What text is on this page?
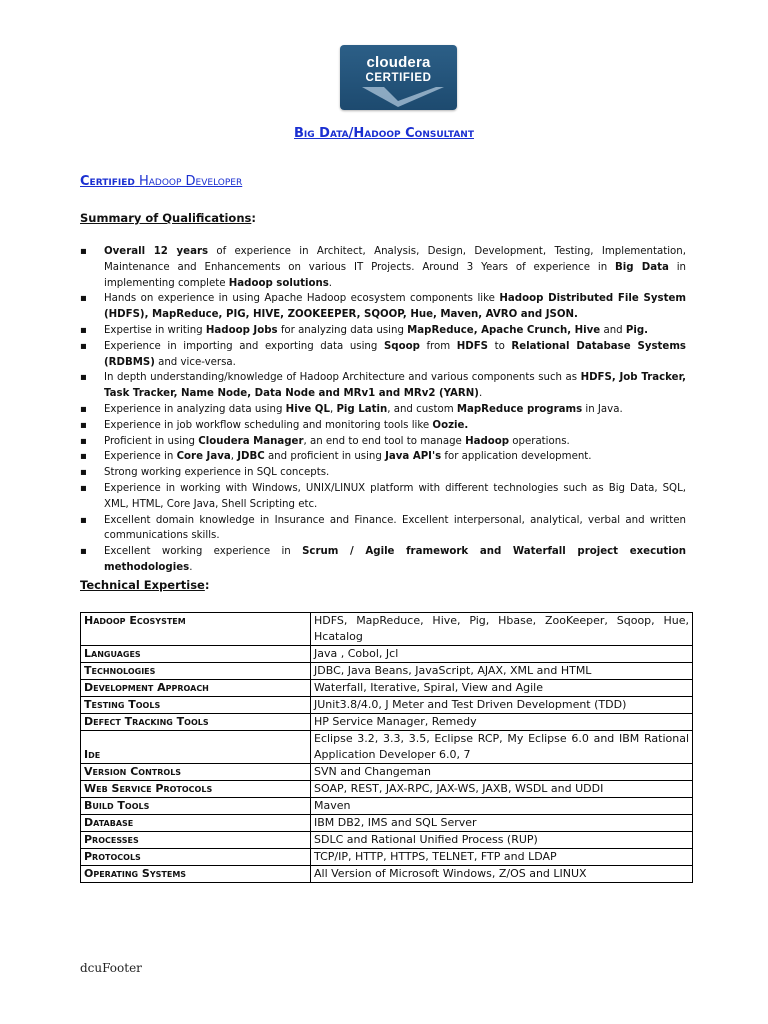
cloudera
CERTIFIED
Big Data/Hadoop Consultant
Certified Hadoop Developer
Summary of Qualifications:
▪ Overall 12 years of experience in Architect, Analysis, Design, Development, Testing, Implementation, Maintenance and Enhancements on various IT Projects. Around 3 Years of experience in Big Data in implementing complete Hadoop solutions.
▪ Hands on experience in using Apache Hadoop ecosystem components like Hadoop Distributed File System (HDFS), MapReduce, PIG, HIVE, ZOOKEEPER, SQOOP, Hue, Maven, AVRO and JSON.
▪ Expertise in writing Hadoop Jobs for analyzing data using MapReduce, Apache Crunch, Hive and Pig.
▪ Experience in importing and exporting data using Sqoop from HDFS to Relational Database Systems (RDBMS) and vice-versa.
▪ In depth understanding/knowledge of Hadoop Architecture and various components such as HDFS, Job Tracker, Task Tracker, Name Node, Data Node and MRv1 and MRv2 (YARN).
▪ Experience in analyzing data using Hive QL, Pig Latin, and custom MapReduce programs in Java.
▪ Experience in job workflow scheduling and monitoring tools like Oozie.
▪ Proficient in using Cloudera Manager, an end to end tool to manage Hadoop operations.
▪ Experience in Core Java, JDBC and proficient in using Java API's for application development.
▪ Strong working experience in SQL concepts.
▪ Experience in working with Windows, UNIX/LINUX platform with different technologies such as Big Data, SQL, XML, HTML, Core Java, Shell Scripting etc.
▪ Excellent domain knowledge in Insurance and Finance. Excellent interpersonal, analytical, verbal and written communications skills.
▪ Excellent working experience in Scrum / Agile framework and Waterfall project execution methodologies.
Technical Expertise:
Hadoop Ecosystem	HDFS, MapReduce, Hive, Pig, Hbase, ZooKeeper, Sqoop, Hue, Hcatalog
Languages	Java , Cobol, Jcl
Technologies	JDBC, Java Beans, JavaScript, AJAX, XML and HTML
Development Approach	Waterfall, Iterative, Spiral, View and Agile
Testing Tools	JUnit3.8/4.0, J Meter and Test Driven Development (TDD)
Defect Tracking Tools	HP Service Manager, Remedy
Ide	Eclipse 3.2, 3.3, 3.5, Eclipse RCP, My Eclipse 6.0 and IBM Rational Application Developer 6.0, 7
Version Controls	SVN and Changeman
Web Service Protocols	SOAP, REST, JAX-RPC, JAX-WS, JAXB, WSDL and UDDI
Build Tools	Maven
Database	IBM DB2, IMS and SQL Server
Processes	SDLC and Rational Unified Process (RUP)
Protocols	TCP/IP, HTTP, HTTPS, TELNET, FTP and LDAP
Operating Systems	All Version of Microsoft Windows, Z/OS and LINUX
dcuFooter
